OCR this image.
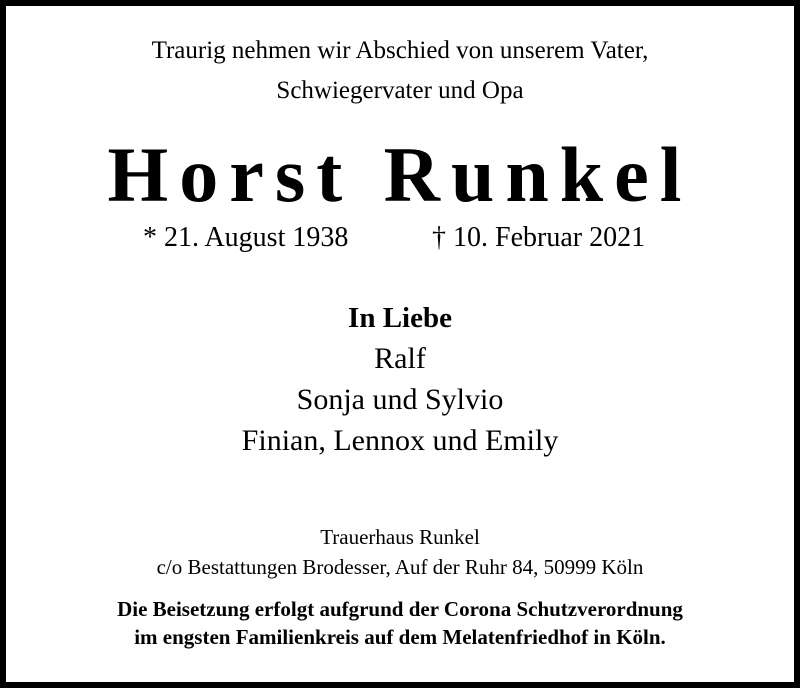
Traurig nehmen wir Abschied von unserem Vater,
Schwiegervater und Opa
Horst Runkel
* 21. August 1938	† 10. Februar 2021
In Liebe
Ralf
Sonja und Sylvio
Finian, Lennox und Emily
Trauerhaus Runkel
c/o Bestattungen Brodesser, Auf der Ruhr 84, 50999 Köln
Die Beisetzung erfolgt aufgrund der Corona Schutzverordnung
im engsten Familienkreis auf dem Melatenfriedhof in Köln.
